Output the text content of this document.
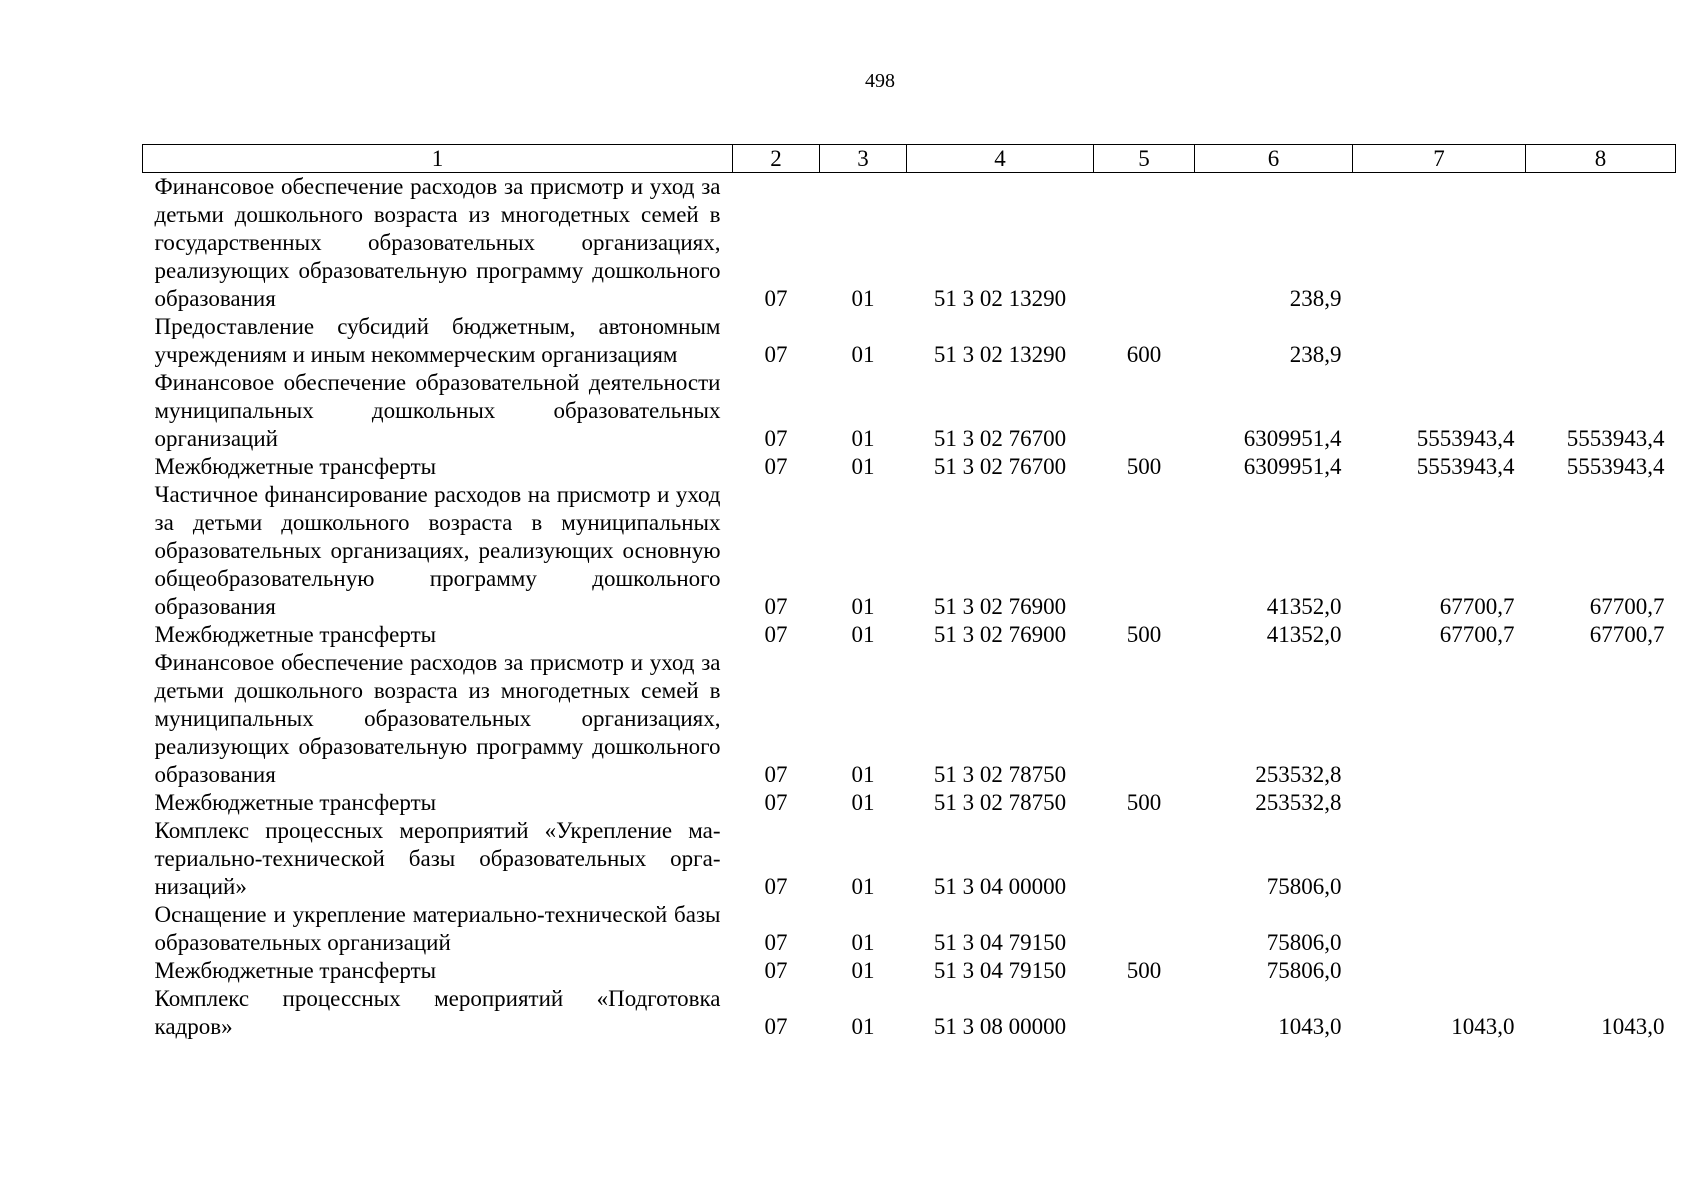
498
1	2	3	4	5	6	7	8
Финансовое обеспечение расходов за присмотр и уход за детьми дошкольного возраста из многодетных семей в государственных образовательных организациях, реализующих образовательную программу дошкольного образования	07	01	51 3 02 13290		238,9		
Предоставление субсидий бюджетным, автономным учреждениям и иным некоммерческим организациям	07	01	51 3 02 13290	600	238,9		
Финансовое обеспечение образовательной деятельности муниципальных дошкольных образовательных организаций	07	01	51 3 02 76700		6309951,4	5553943,4	5553943,4
Межбюджетные трансферты	07	01	51 3 02 76700	500	6309951,4	5553943,4	5553943,4
Частичное финансирование расходов на присмотр и уход за детьми дошкольного возраста в муниципальных образовательных организациях, реализующих основную общеобразовательную программу дошкольного образования	07	01	51 3 02 76900		41352,0	67700,7	67700,7
Межбюджетные трансферты	07	01	51 3 02 76900	500	41352,0	67700,7	67700,7
Финансовое обеспечение расходов за присмотр и уход за детьми дошкольного возраста из многодетных семей в муниципальных образовательных организациях, реализующих образовательную программу дошкольного образования	07	01	51 3 02 78750		253532,8		
Межбюджетные трансферты	07	01	51 3 02 78750	500	253532,8		
Комплекс процессных мероприятий «Укрепление материально-технической базы образовательных организаций»	07	01	51 3 04 00000		75806,0		
Оснащение и укрепление материально-технической базы образовательных организаций	07	01	51 3 04 79150		75806,0		
Межбюджетные трансферты	07	01	51 3 04 79150	500	75806,0		
Комплекс процессных мероприятий «Подготовка кадров»	07	01	51 3 08 00000		1043,0	1043,0	1043,0
